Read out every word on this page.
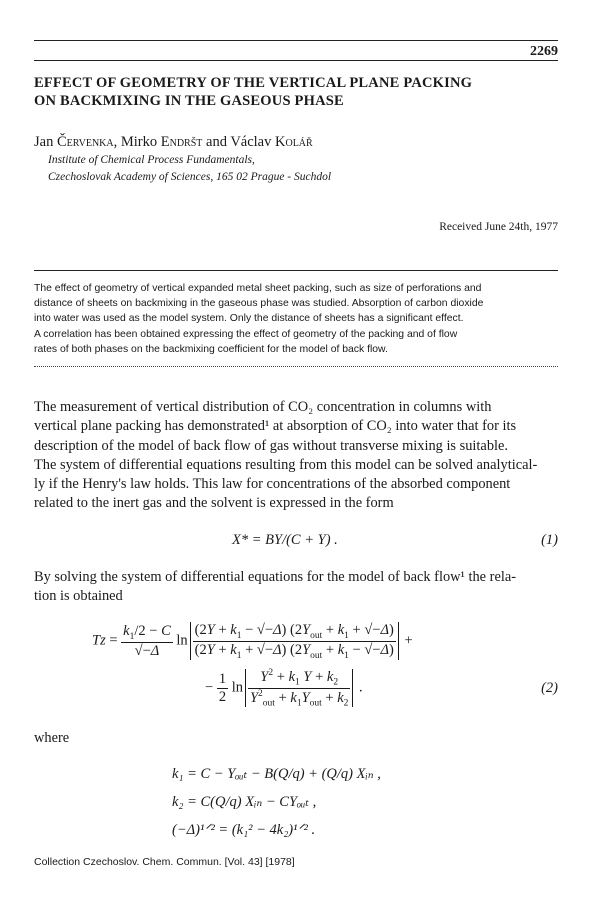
2269
EFFECT OF GEOMETRY OF THE VERTICAL PLANE PACKING
ON BACKMIXING IN THE GASEOUS PHASE
Jan Červenka, Mirko Endršt and Václav Kolář
Institute of Chemical Process Fundamentals,
Czechoslovak Academy of Sciences, 165 02 Prague - Suchdol
Received June 24th, 1977
The effect of geometry of vertical expanded metal sheet packing, such as size of perforations and
distance of sheets on backmixing in the gaseous phase was studied. Absorption of carbon dioxide
into water was used as the model system. Only the distance of sheets has a significant effect.
A correlation has been obtained expressing the effect of geometry of the packing and of flow
rates of both phases on the backmixing coefficient for the model of back flow.
The measurement of vertical distribution of CO₂ concentration in columns with
vertical plane packing has demonstrated¹ at absorption of CO₂ into water that for its
description of the model of back flow of gas without transverse mixing is suitable.
The system of differential equations resulting from this model can be solved analytical-
ly if the Henry's law holds. This law for concentrations of the absorbed component
related to the inert gas and the solvent is expressed in the form
X* = BY/(C + Y) .	(1)
By solving the system of differential equations for the model of back flow¹ the rela-
tion is obtained
$Tz = \frac{k_1/2 - C}{√-\Delta}$ $\ln \frac{(2Y + k_1 - √-\Delta) (2Y_{out} + k_1 + √-\Delta)}{(2Y + k_1 + √-\Delta) (2Y_{out} + k_1 - √-\Delta)}$ +
− $\frac{1}{2}$ $\ln \frac{Y^2 + k_1 Y + k_2}{Y^2_{out} + k_1Y_{out} + k_2}$ .	(2)
where
k₁ = C − Yₒᵤₜ − B(Q/q) + (Q/q) Xᵢₙ ,
k₂ = C(Q/q) Xᵢₙ − CYₒᵤₜ ,
(−Δ)¹ᐟ² = (k₁² − 4k₂)¹ᐟ² .
Collection Czechoslov. Chem. Commun. [Vol. 43] [1978]
